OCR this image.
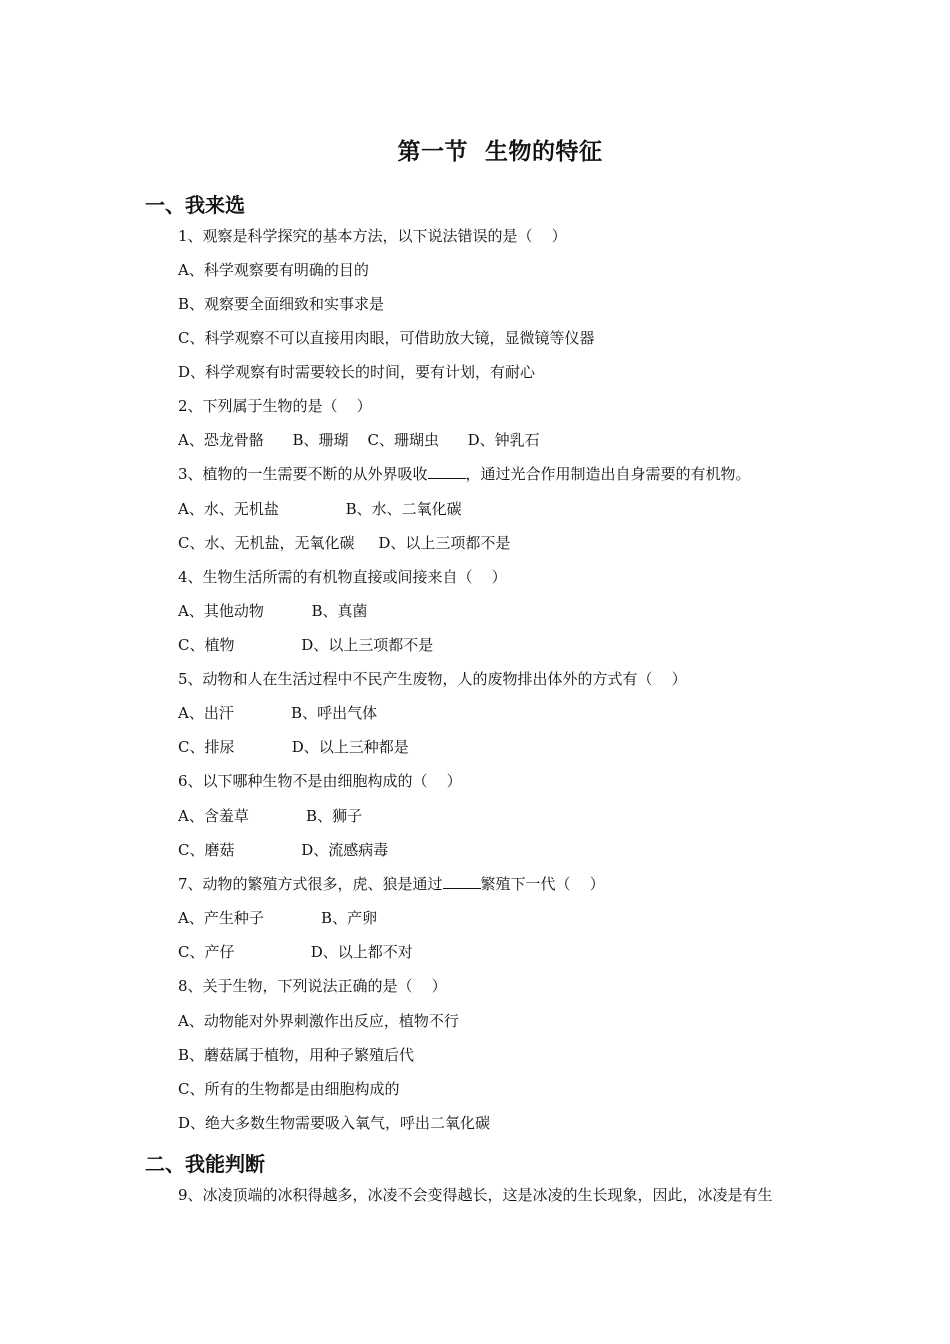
第一节  生物的特征
一、我来选
1、观察是科学探究的基本方法，以下说法错误的是（    ）
A、科学观察要有明确的目的
B、观察要全面细致和实事求是
C、科学观察不可以直接用肉眼，可借助放大镜，显微镜等仪器
D、科学观察有时需要较长的时间，要有计划，有耐心
2、下列属于生物的是（    ）
A、恐龙骨骼      B、珊瑚    C、珊瑚虫      D、钟乳石
3、植物的一生需要不断的从外界吸收	，通过光合作用制造出自身需要的有机物。
A、水、无机盐              B、水、二氧化碳
C、水、无机盐，无氧化碳     D、以上三项都不是
4、生物生活所需的有机物直接或间接来自（    ）
A、其他动物          B、真菌
C、植物              D、以上三项都不是
5、动物和人在生活过程中不民产生废物，人的废物排出体外的方式有（    ）
A、出汗            B、呼出气体
C、排尿            D、以上三种都是
6、以下哪种生物不是由细胞构成的（    ）
A、含羞草            B、狮子
C、磨菇              D、流感病毒
7、动物的繁殖方式很多，虎、狼是通过	繁殖下一代（    ）
A、产生种子            B、产卵
C、产仔                D、以上都不对
8、关于生物，下列说法正确的是（    ）
A、动物能对外界刺激作出反应，植物不行
B、蘑菇属于植物，用种子繁殖后代
C、所有的生物都是由细胞构成的
D、绝大多数生物需要吸入氧气，呼出二氧化碳
二、我能判断
9、冰凌顶端的冰积得越多，冰凌不会变得越长，这是冰凌的生长现象，因此，冰凌是有生
